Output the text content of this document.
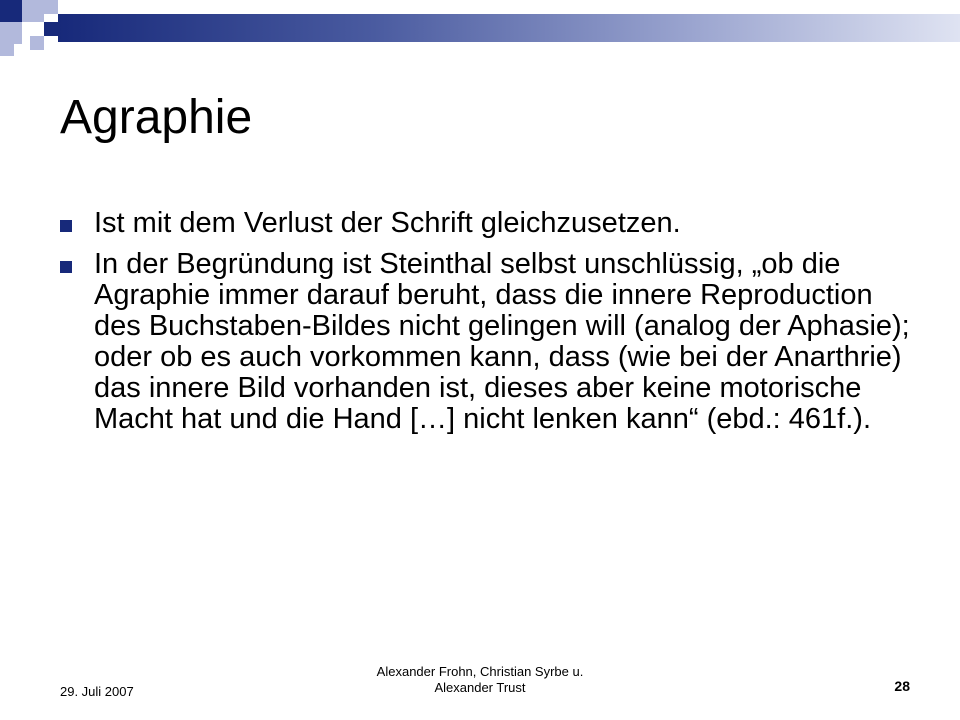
Agraphie
Ist mit dem Verlust der Schrift gleichzusetzen.
In der Begründung ist Steinthal selbst unschlüssig, „ob die Agraphie immer darauf beruht, dass die innere Reproduction des Buchstaben-Bildes nicht gelingen will (analog der Aphasie); oder ob es auch vorkommen kann, dass (wie bei der Anarthrie) das innere Bild vorhanden ist, dieses aber keine motorische Macht hat und die Hand […] nicht lenken kann“ (ebd.: 461f.).
29. Juli 2007
Alexander Frohn, Christian Syrbe u.
Alexander Trust	28
